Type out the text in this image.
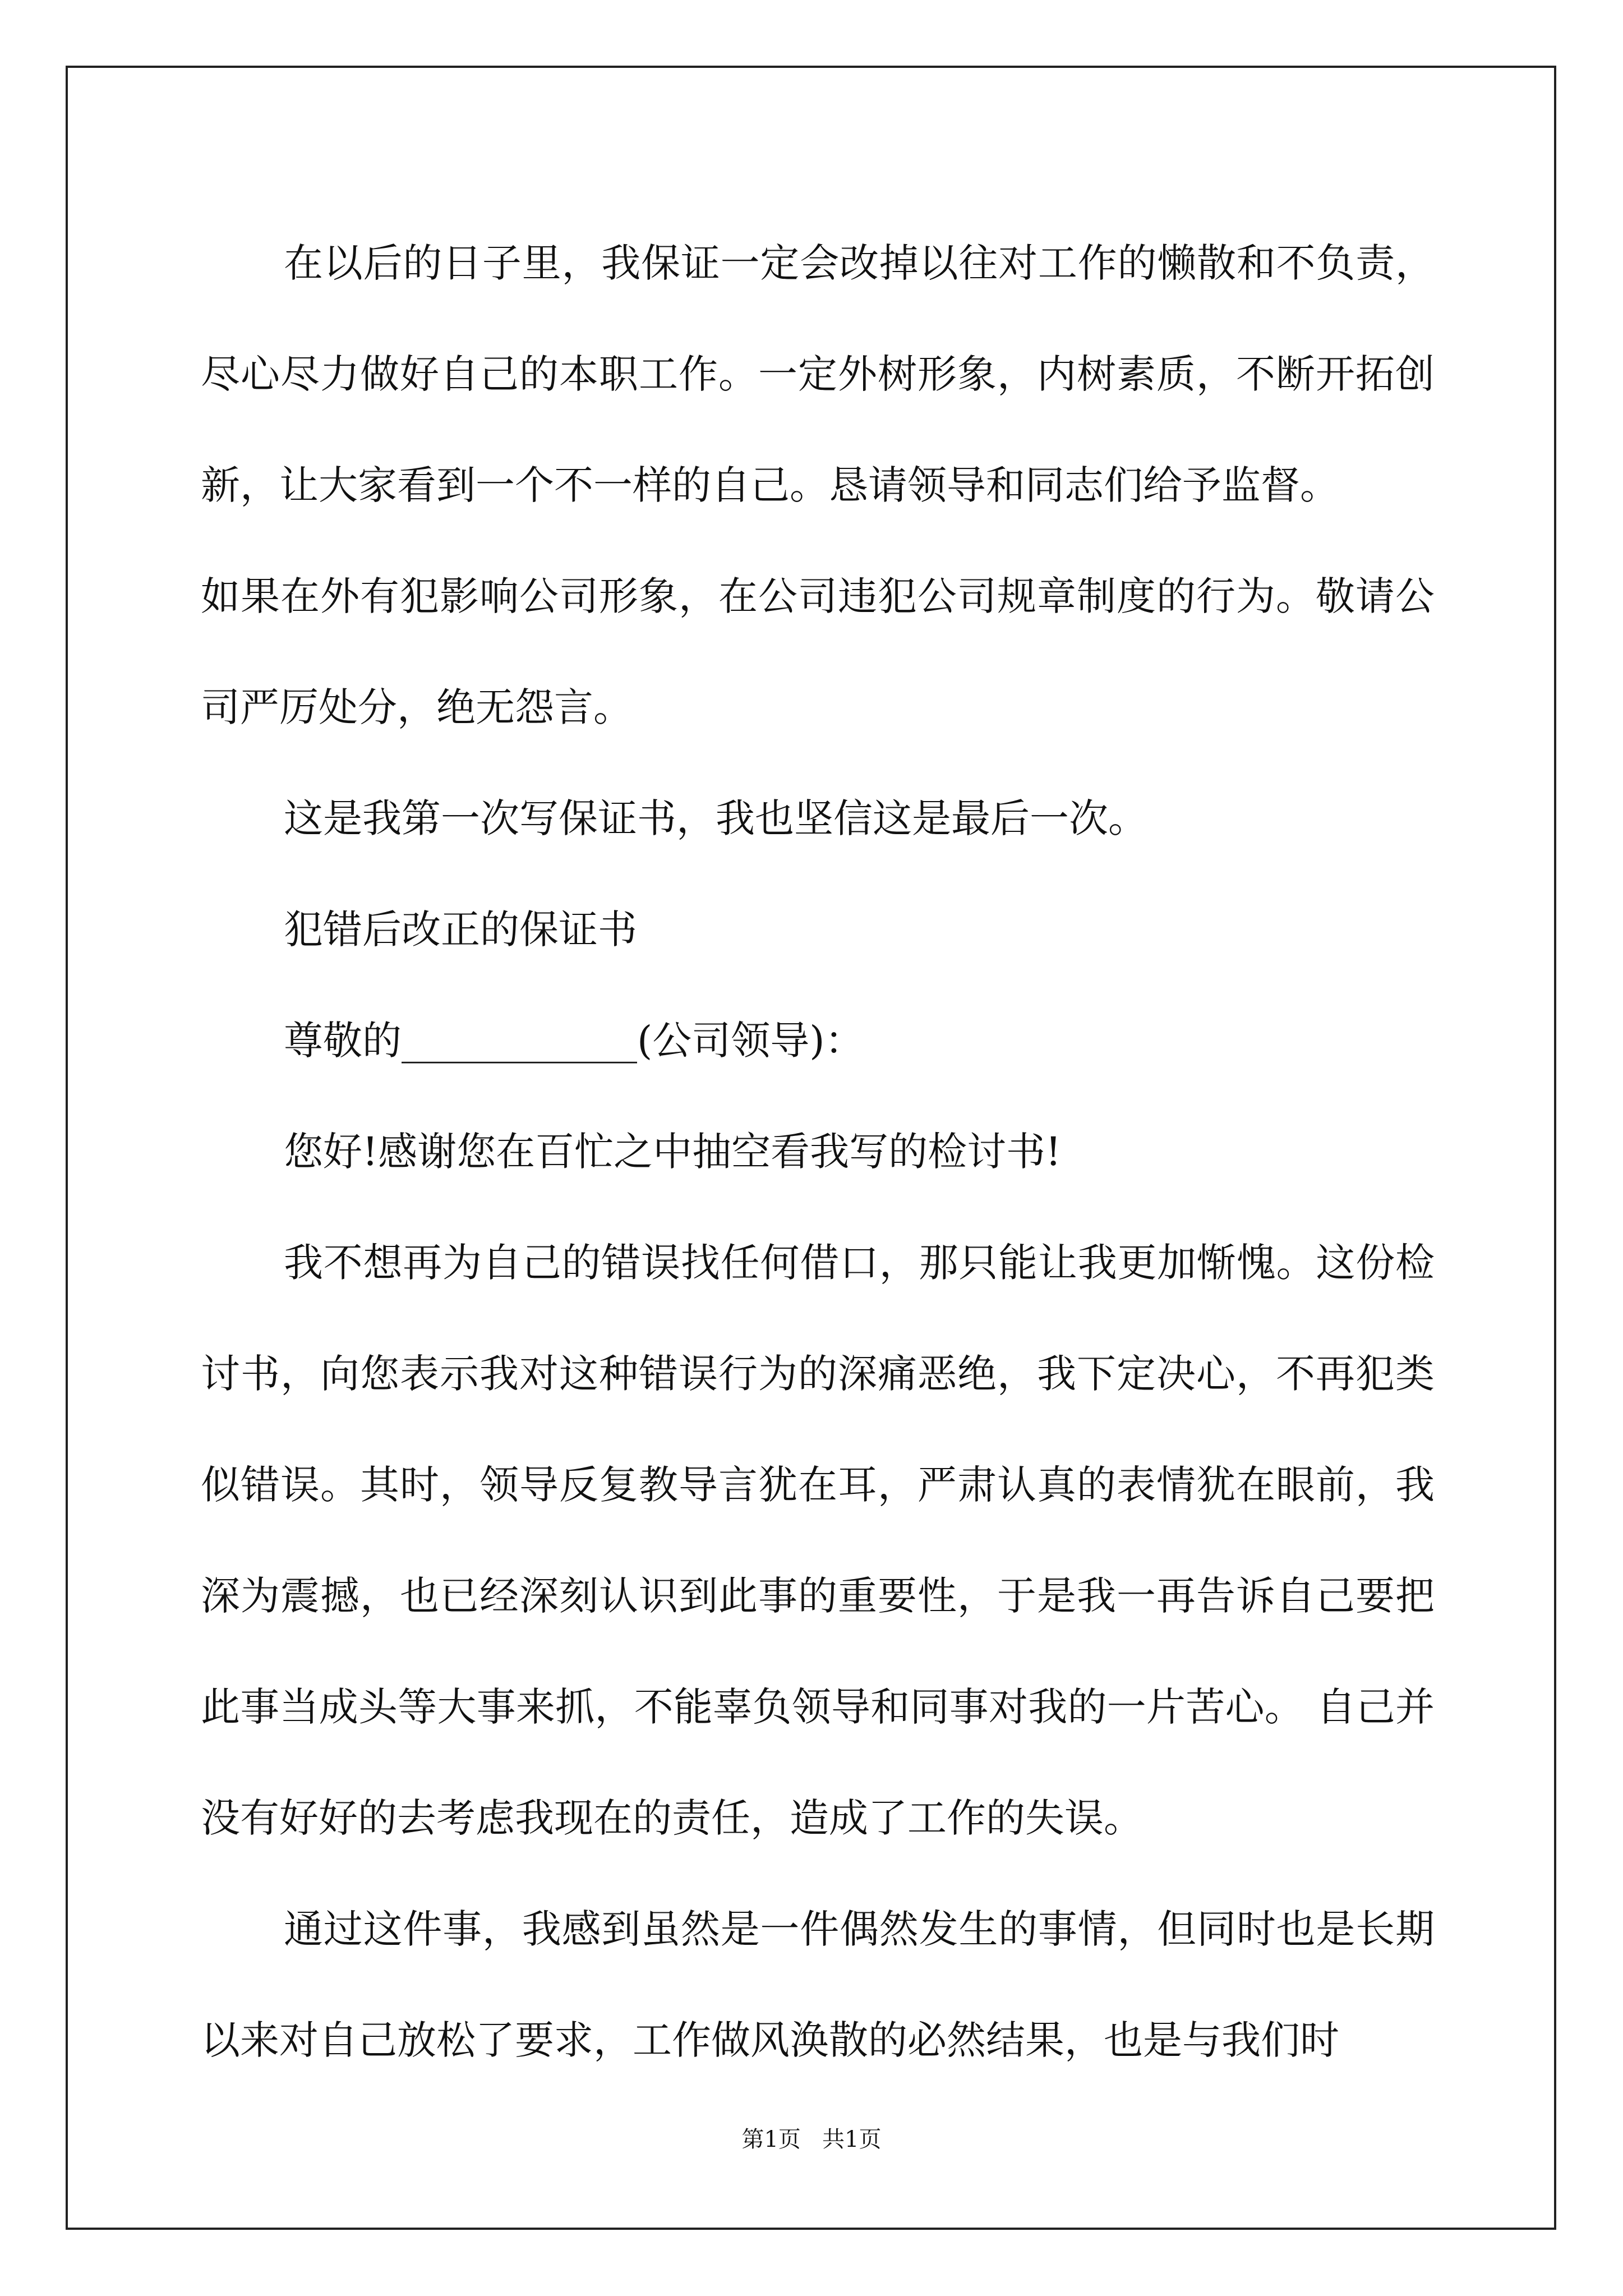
在以后的日子里，我保证一定会改掉以往对工作的懒散和不负责，尽心尽力做好自己的本职工作。一定外树形象，内树素质，不断开拓创新，让大家看到一个不一样的自己。恳请领导和同志们给予监督。

如果在外有犯影响公司形象，在公司违犯公司规章制度的行为。敬请公司严厉处分，绝无怨言。

这是我第一次写保证书，我也坚信这是最后一次。

犯错后改正的保证书

尊敬的____________(公司领导)：

您好!感谢您在百忙之中抽空看我写的检讨书!

我不想再为自己的错误找任何借口，那只能让我更加惭愧。这份检讨书，向您表示我对这种错误行为的深痛恶绝，我下定决心，不再犯类似错误。其时，领导反复教导言犹在耳，严肃认真的表情犹在眼前，我深为震撼，也已经深刻认识到此事的重要性，于是我一再告诉自己要把此事当成头等大事来抓，不能辜负领导和同事对我的一片苦心。 自己并没有好好的去考虑我现在的责任，造成了工作的失误。

通过这件事，我感到虽然是一件偶然发生的事情，但同时也是长期以来对自己放松了要求，工作做风涣散的必然结果，也是与我们时

第1页   共1页
